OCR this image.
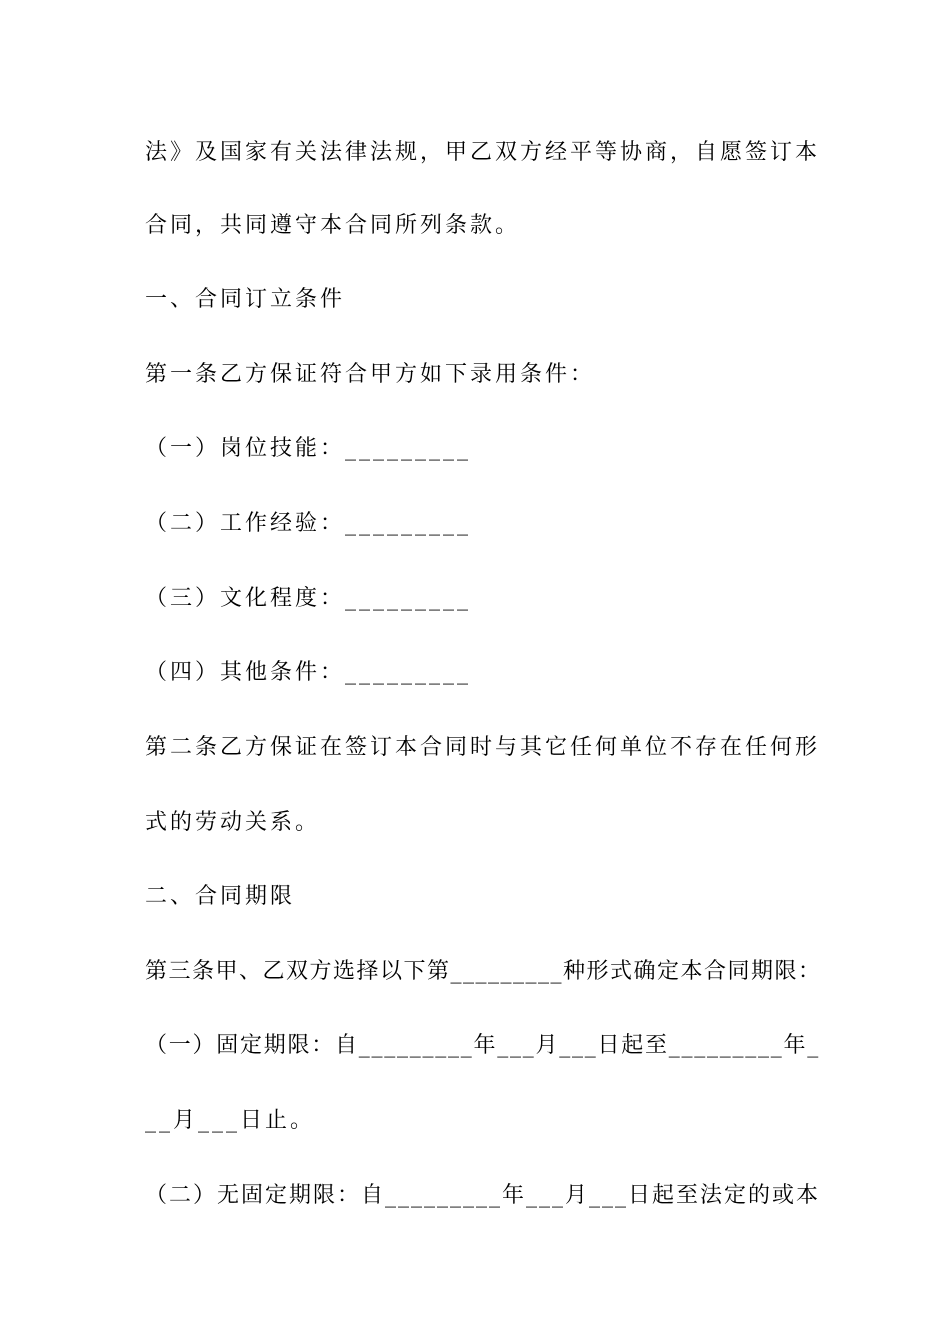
法》及国家有关法律法规，甲乙双方经平等协商，自愿签订本
合同，共同遵守本合同所列条款。
一、合同订立条件
第一条乙方保证符合甲方如下录用条件：
（一）岗位技能：_________
（二）工作经验：_________
（三）文化程度：_________
（四）其他条件：_________
第二条乙方保证在签订本合同时与其它任何单位不存在任何形
式的劳动关系。
二、合同期限
第三条甲、乙双方选择以下第_________种形式确定本合同期限：
（一）固定期限：自_________年___月___日起至_________年_
__月___日止。
（二）无固定期限：自_________年___月___日起至法定的或本
